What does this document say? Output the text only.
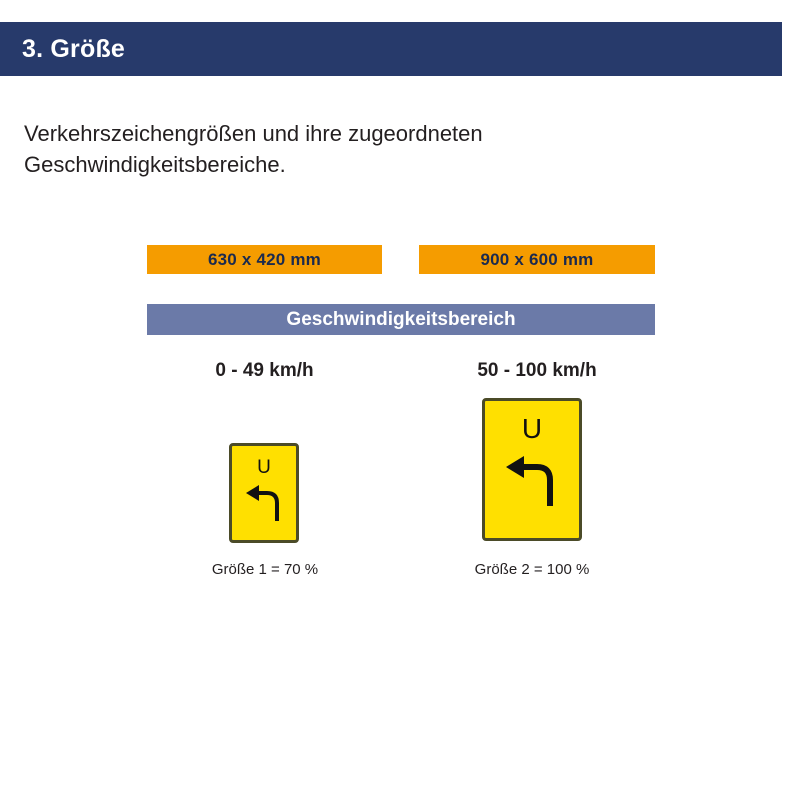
3. Größe
Verkehrszeichengrößen und ihre zugeordneten Geschwindigkeitsbereiche.
630 x 420 mm	900 x 600 mm
Geschwindigkeitsbereich
0 - 49 km/h	50 - 100 km/h
U
U
Größe 1 = 70 %	Größe 2 = 100 %
